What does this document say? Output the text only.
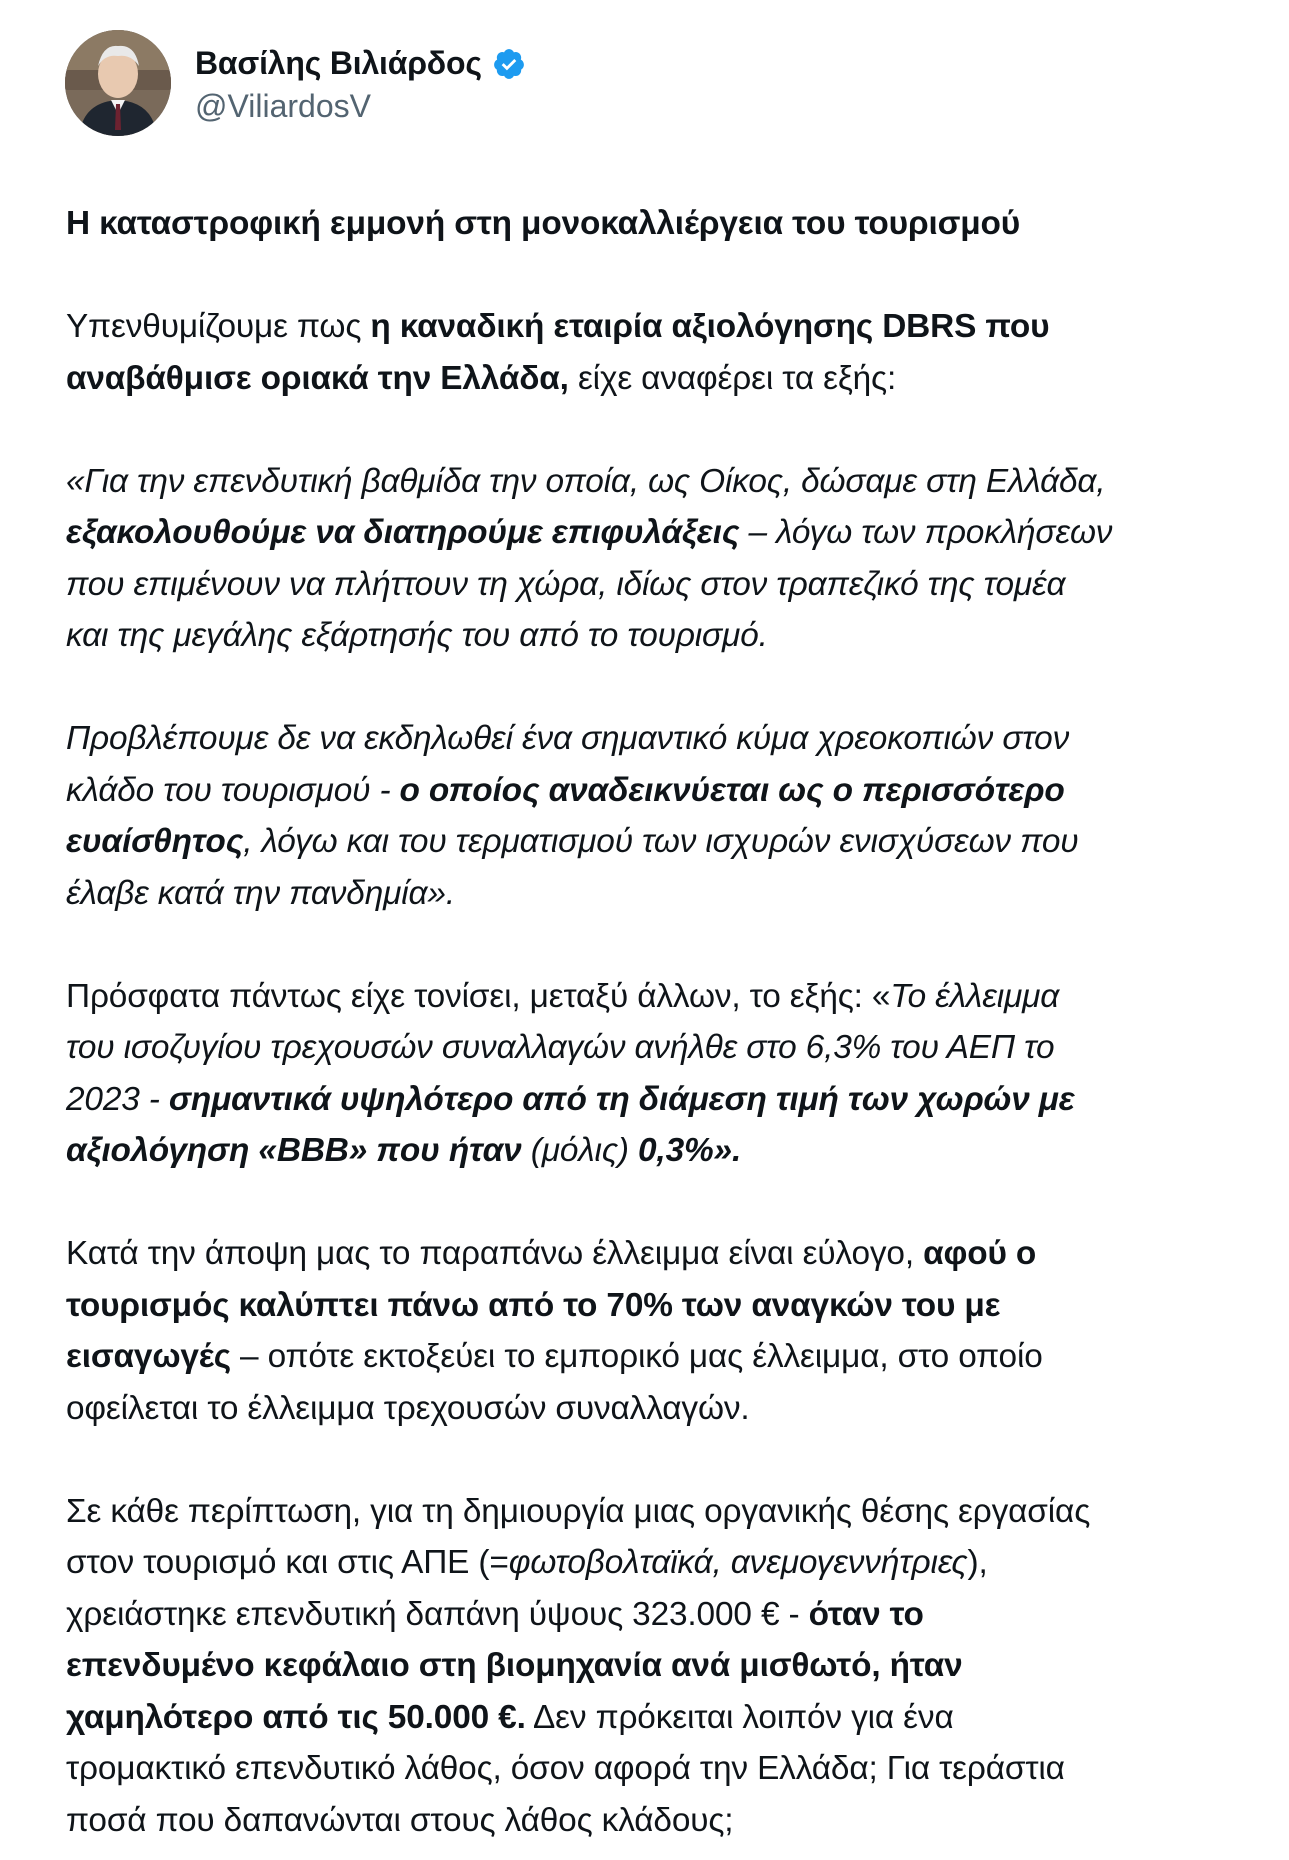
Βασίλης Βιλιάρδος
@ViliardosV

Η καταστροφική εμμονή στη μονοκαλλιέργεια του τουρισμού

Υπενθυμίζουμε πως η καναδική εταιρία αξιολόγησης DBRS που
αναβάθμισε οριακά την Ελλάδα, είχε αναφέρει τα εξής:

«Για την επενδυτική βαθμίδα την οποία, ως Οίκος, δώσαμε στη Ελλάδα,
εξακολουθούμε να διατηρούμε επιφυλάξεις – λόγω των προκλήσεων
που επιμένουν να πλήττουν τη χώρα, ιδίως στον τραπεζικό της τομέα
και της μεγάλης εξάρτησής του από το τουρισμό.

Προβλέπουμε δε να εκδηλωθεί ένα σημαντικό κύμα χρεοκοπιών στον
κλάδο του τουρισμού - ο οποίος αναδεικνύεται ως ο περισσότερο
ευαίσθητος, λόγω και του τερματισμού των ισχυρών ενισχύσεων που
έλαβε κατά την πανδημία».

Πρόσφατα πάντως είχε τονίσει, μεταξύ άλλων, το εξής: «Το έλλειμμα
του ισοζυγίου τρεχουσών συναλλαγών ανήλθε στο 6,3% του ΑΕΠ το
2023 - σημαντικά υψηλότερο από τη διάμεση τιμή των χωρών με
αξιολόγηση «BBB» που ήταν (μόλις) 0,3%».

Κατά την άποψη μας το παραπάνω έλλειμμα είναι εύλογο, αφού ο
τουρισμός καλύπτει πάνω από το 70% των αναγκών του με
εισαγωγές – οπότε εκτοξεύει το εμπορικό μας έλλειμμα, στο οποίο
οφείλεται το έλλειμμα τρεχουσών συναλλαγών.

Σε κάθε περίπτωση, για τη δημιουργία μιας οργανικής θέσης εργασίας
στον τουρισμό και στις ΑΠΕ (=φωτοβολταϊκά, ανεμογεννήτριες),
χρειάστηκε επενδυτική δαπάνη ύψους 323.000 € - όταν το
επενδυμένο κεφάλαιο στη βιομηχανία ανά μισθωτό, ήταν
χαμηλότερο από τις 50.000 €. Δεν πρόκειται λοιπόν για ένα
τρομακτικό επενδυτικό λάθος, όσον αφορά την Ελλάδα; Για τεράστια
ποσά που δαπανώνται στους λάθος κλάδους;
